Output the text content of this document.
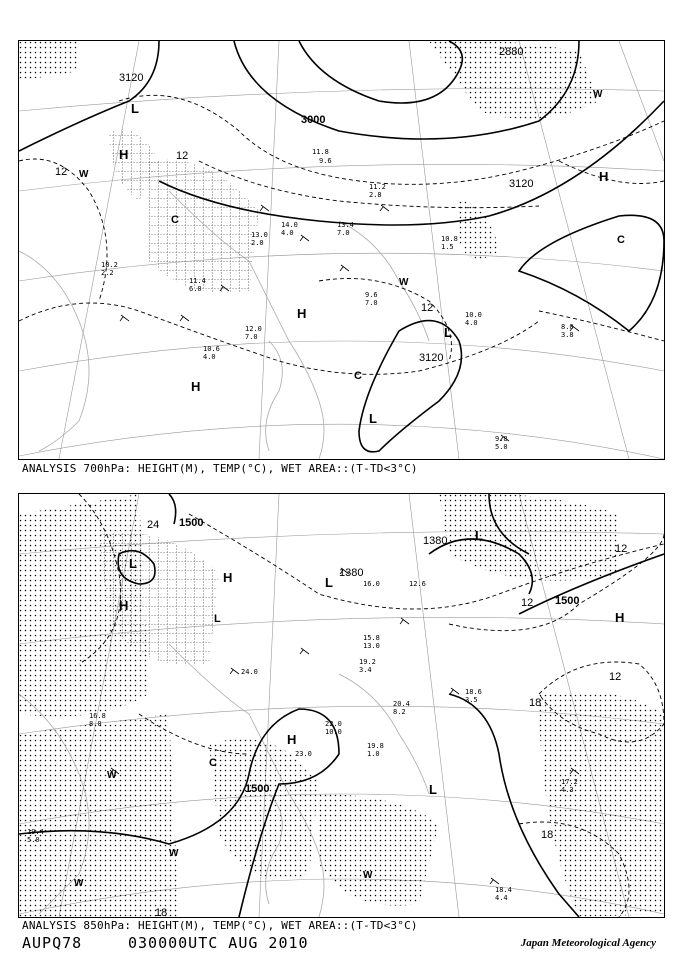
L
H
H
L
H
H
L
C
C
C
W
W
W
3120
3000
2880
3120
3120
12
12
12
11.8
9.6
13.4
7.0
11.2
2.8
14.0
4.0
13.0
2.0	10.8
1.5
11.4
6.0
10.2
2.2
12.0
7.0
9.6
7.0
10.0
4.0	8.0
3.8
9.8
5.0
10.6
4.0
ANALYSIS 700hPa: HEIGHT(M), TEMP(°C), WET AREA::(T-TD<3°C)
L
H
L
L
H
H
L
H
L
C
W
W
W
W
1500
1380
1380
1500
1500
24
12
12
18
18
18
12
16.0	12.6
15.8
13.0
19.2
3.4
20.4
8.2
22.0
10.0
19.8
1.0
18.6
3.5
17.2
4.3
18.4
4.4
19.4
5.0
16.8
8.0
24.0
23.0
ANALYSIS 850hPa: HEIGHT(M), TEMP(°C), WET AREA::(T-TD<3°C)
AUPQ78	030000UTC AUG 2010	Japan Meteorological Agency
